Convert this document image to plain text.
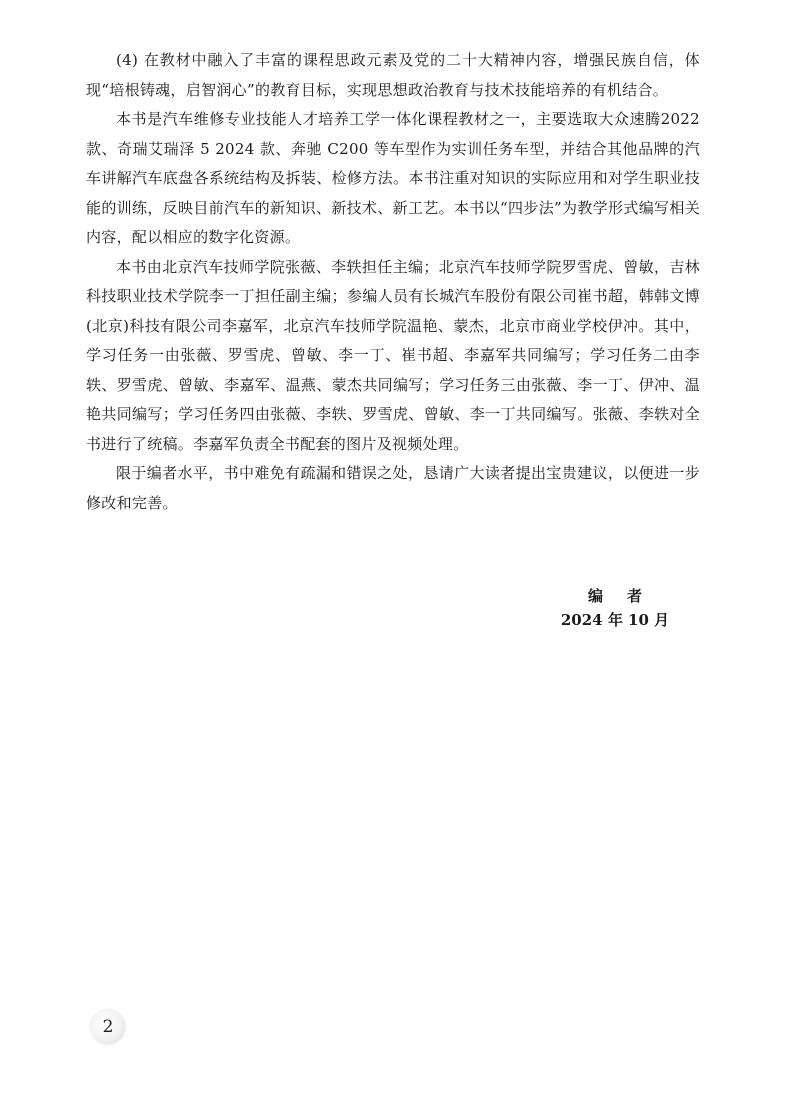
(4) 在教材中融入了丰富的课程思政元素及党的二十大精神内容，增强民族自信，体现“培根铸魂，启智润心”的教育目标，实现思想政治教育与技术技能培养的有机结合。

本书是汽车维修专业技能人才培养工学一体化课程教材之一，主要选取大众速腾2022 款、奇瑞艾瑞泽 5 2024 款、奔驰 C200 等车型作为实训任务车型，并结合其他品牌的汽车讲解汽车底盘各系统结构及拆装、检修方法。本书注重对知识的实际应用和对学生职业技能的训练，反映目前汽车的新知识、新技术、新工艺。本书以“四步法”为教学形式编写相关内容，配以相应的数字化资源。

本书由北京汽车技师学院张薇、李轶担任主编；北京汽车技师学院罗雪虎、曾敏，吉林科技职业技术学院李一丁担任副主编；参编人员有长城汽车股份有限公司崔书超，韩韩文博(北京)科技有限公司李嘉军，北京汽车技师学院温艳、蒙杰，北京市商业学校伊冲。其中，学习任务一由张薇、罗雪虎、曾敏、李一丁、崔书超、李嘉军共同编写；学习任务二由李轶、罗雪虎、曾敏、李嘉军、温燕、蒙杰共同编写；学习任务三由张薇、李一丁、伊冲、温艳共同编写；学习任务四由张薇、李轶、罗雪虎、曾敏、李一丁共同编写。张薇、李轶对全书进行了统稿。李嘉军负责全书配套的图片及视频处理。

限于编者水平，书中难免有疏漏和错误之处，恳请广大读者提出宝贵建议，以便进一步修改和完善。

编者
2024 年 10 月
2
